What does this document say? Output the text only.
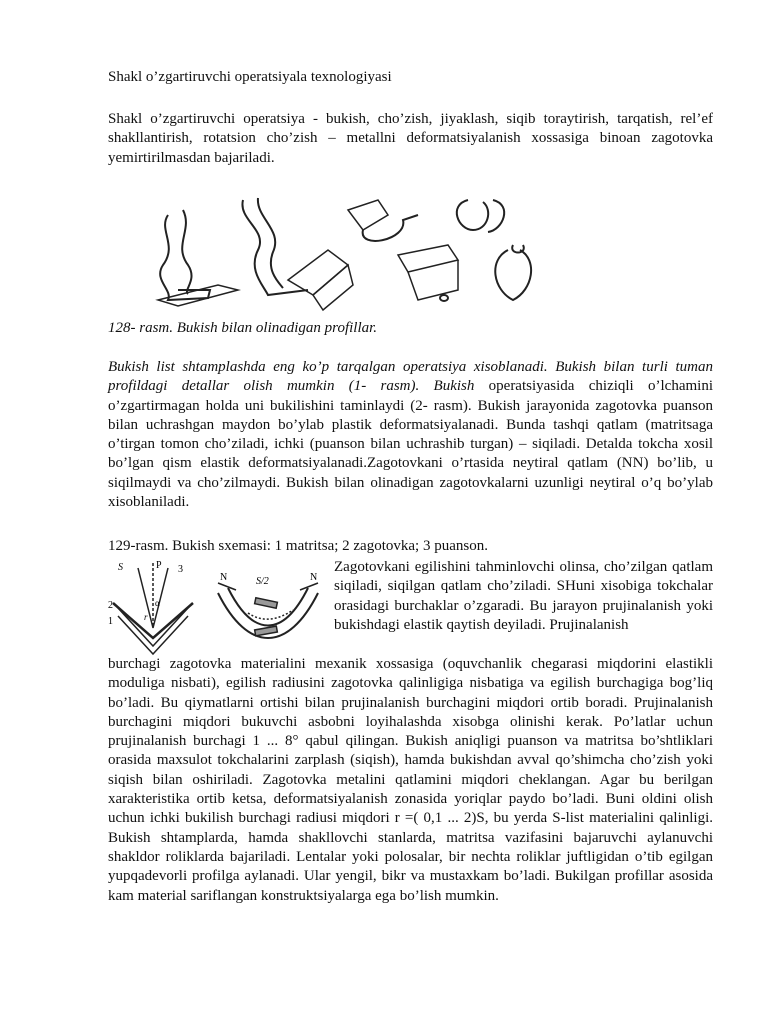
Shakl o’zgartiruvchi operatsiyala texnologiyasi

Shakl o’zgartiruvchi operatsiya - bukish, cho’zish, jiyaklash, siqib toraytirish, tarqatish, rel’ef shakllantirish, rotatsion cho’zish – metallni deformatsiyalanish xossasiga binoan zagotovka yemirtirilmasdan bajariladi.

128- rasm. Bukish bilan olinadigan profillar.

Bukish list shtamplashda eng ko’p tarqalgan operatsiya xisoblanadi. Bukish bilan turli tuman profildagi detallar olish mumkin (1- rasm). Bukish operatsiyasida chiziqli o’lchamini o’zgartirmagan holda uni bukilishini taminlaydi (2- rasm). Bukish jarayonida zagotovka puanson bilan uchrashgan maydon bo’ylab plastik deformatsiyalanadi. Bunda tashqi qatlam (matritsaga o’tirgan tomon cho’ziladi, ichki (puanson bilan uchrashib turgan) – siqiladi. Detalda tokcha xosil bo’lgan qism elastik deformatsiyalanadi.Zagotovkani o’rtasida neytiral qatlam (NN) bo’lib, u siqilmaydi va cho’zilmaydi. Bukish bilan olinadigan zagotovkalarni uzunligi neytiral o’q bo’ylab xisoblaniladi.

129-rasm. Bukish sxemasi: 1 matritsa; 2 zagotovka; 3 puanson.
S	P 3
2
1
α
r
N	N
S/2

Zagotovkani egilishini tahminlovchi olinsa, cho’zilgan qatlam siqiladi, siqilgan qatlam cho’ziladi. SHuni xisobiga tokchalar orasidagi burchaklar o’zgaradi. Bu jarayon prujinalanish yoki bukishdagi elastik qaytish deyiladi. Prujinalanish

burchagi zagotovka materialini mexanik xossasiga (oquvchanlik chegarasi miqdorini elastikli moduliga nisbati), egilish radiusini zagotovka qalinligiga nisbatiga va egilish burchagiga bog’liq bo’ladi. Bu qiymatlarni ortishi bilan prujinalanish burchagini miqdori ortib boradi. Prujinalanish burchagini miqdori bukuvchi asbobni loyihalashda xisobga olinishi kerak. Po’latlar uchun prujinalanish burchagi 1 ... 8° qabul qilingan. Bukish aniqligi puanson va matritsa bo’shtliklari orasida maxsulot tokchalarini zarplash (siqish), hamda bukishdan avval qo’shimcha cho’zish yoki siqish bilan oshiriladi. Zagotovka metalini qatlamini miqdori cheklangan. Agar bu berilgan xarakteristika ortib ketsa, deformatsiyalanish zonasida yoriqlar paydo bo’ladi. Buni oldini olish uchun ichki bukilish burchagi radiusi miqdori r =( 0,1 ... 2)S, bu yerda S-list materialini qalinligi. Bukish shtamplarda, hamda shakllovchi stanlarda, matritsa vazifasini bajaruvchi aylanuvchi shakldor roliklarda bajariladi. Lentalar yoki polosalar, bir nechta roliklar juftligidan o’tib egilgan yupqadevorli profilga aylanadi. Ular yengil, bikr va mustaxkam bo’ladi. Bukilgan profillar asosida kam material sariflangan konstruktsiyalarga ega bo’lish mumkin.
